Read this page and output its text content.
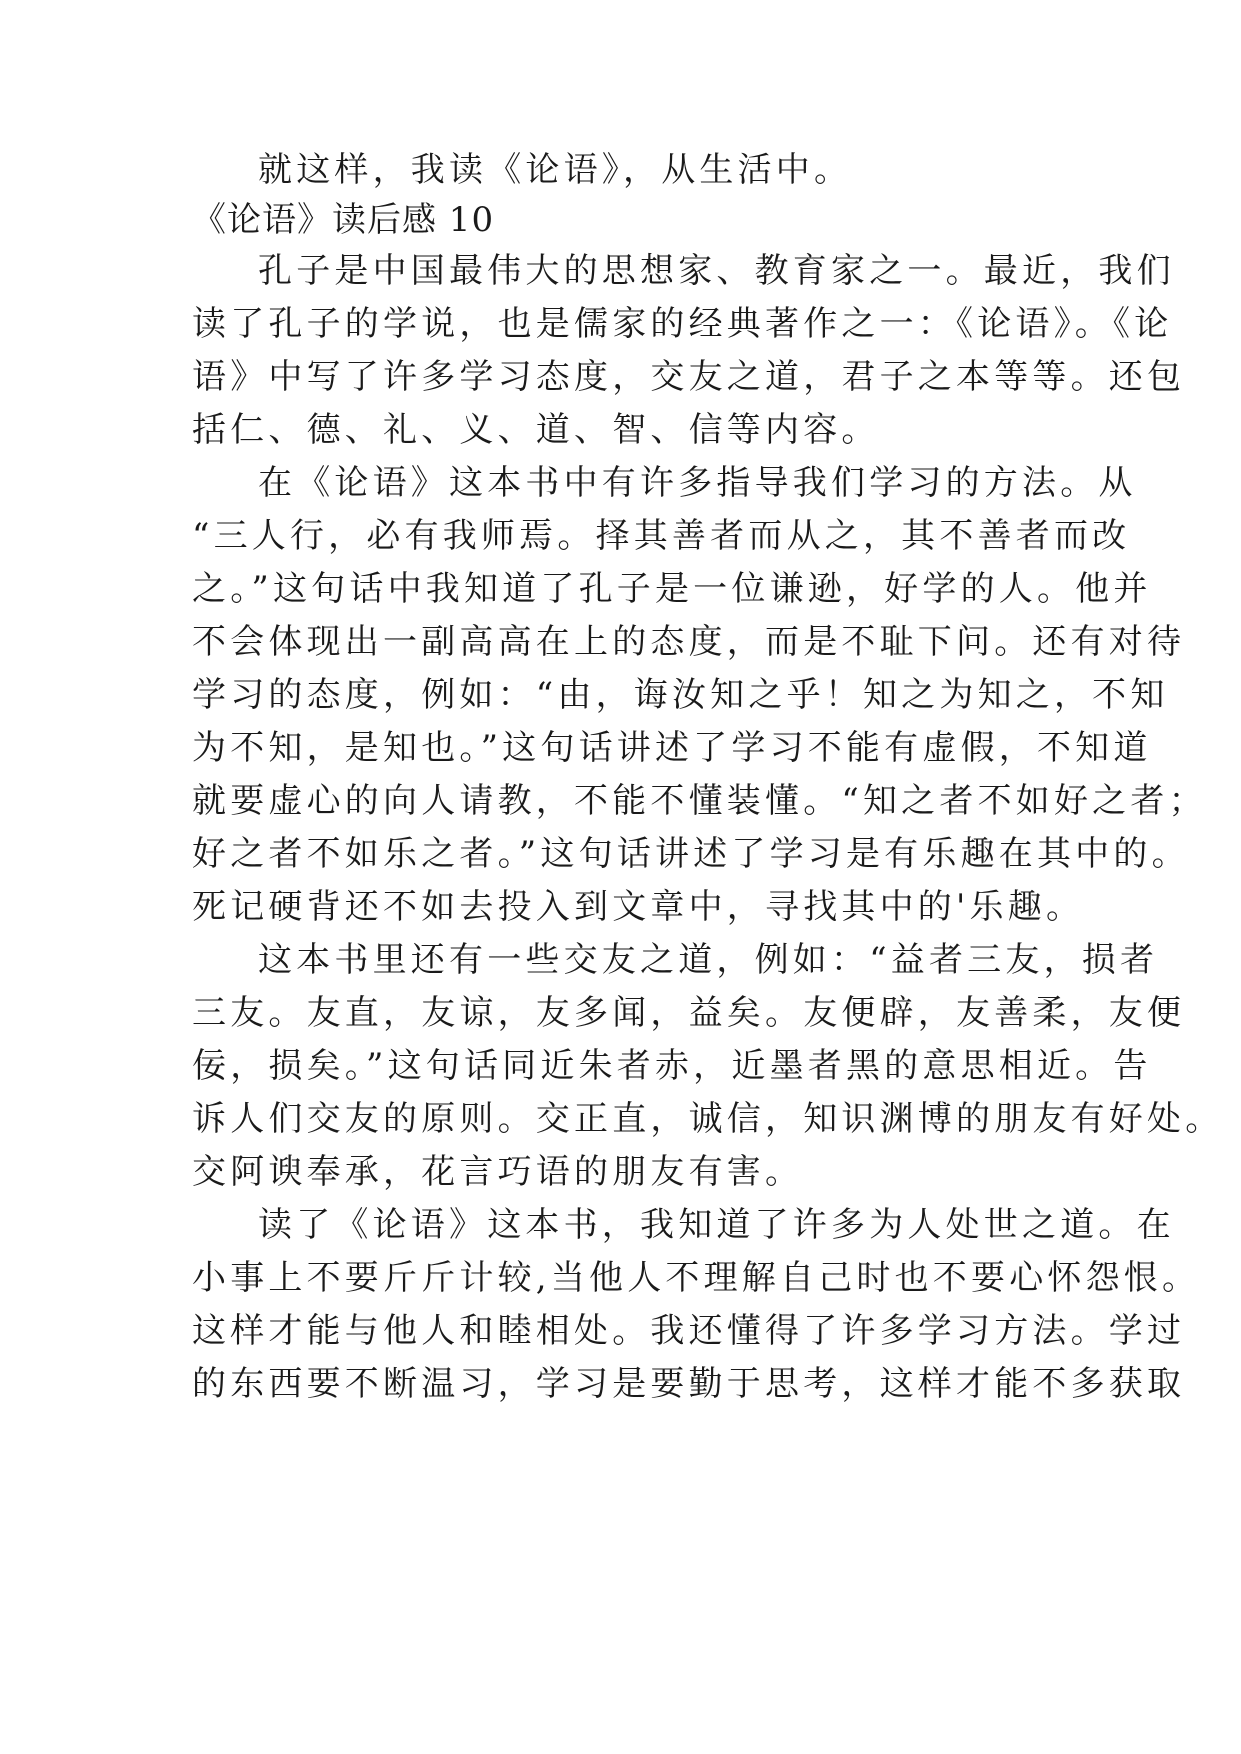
就这样，我读《论语》，从生活中。
《论语》读后感 10
孔子是中国最伟大的思想家、教育家之一。最近，我们
读了孔子的学说，也是儒家的经典著作之一：《论语》。《论
语》中写了许多学习态度，交友之道，君子之本等等。还包
括仁、德、礼、义、道、智、信等内容。
在《论语》这本书中有许多指导我们学习的方法。从
“三人行，必有我师焉。择其善者而从之，其不善者而改
之。”这句话中我知道了孔子是一位谦逊，好学的人。他并
不会体现出一副高高在上的态度，而是不耻下问。还有对待
学习的态度，例如：“由，诲汝知之乎！知之为知之，不知
为不知，是知也。”这句话讲述了学习不能有虚假，不知道
就要虚心的向人请教，不能不懂装懂。“知之者不如好之者；
好之者不如乐之者。”这句话讲述了学习是有乐趣在其中的。
死记硬背还不如去投入到文章中，寻找其中的'乐趣。
这本书里还有一些交友之道，例如：“益者三友，损者
三友。友直，友谅，友多闻，益矣。友便辟，友善柔，友便
佞，损矣。”这句话同近朱者赤，近墨者黑的意思相近。告
诉人们交友的原则。交正直，诚信，知识渊博的朋友有好处。
交阿谀奉承，花言巧语的朋友有害。
读了《论语》这本书，我知道了许多为人处世之道。在
小事上不要斤斤计较,当他人不理解自己时也不要心怀怨恨。
这样才能与他人和睦相处。我还懂得了许多学习方法。学过
的东西要不断温习，学习是要勤于思考，这样才能不多获取
